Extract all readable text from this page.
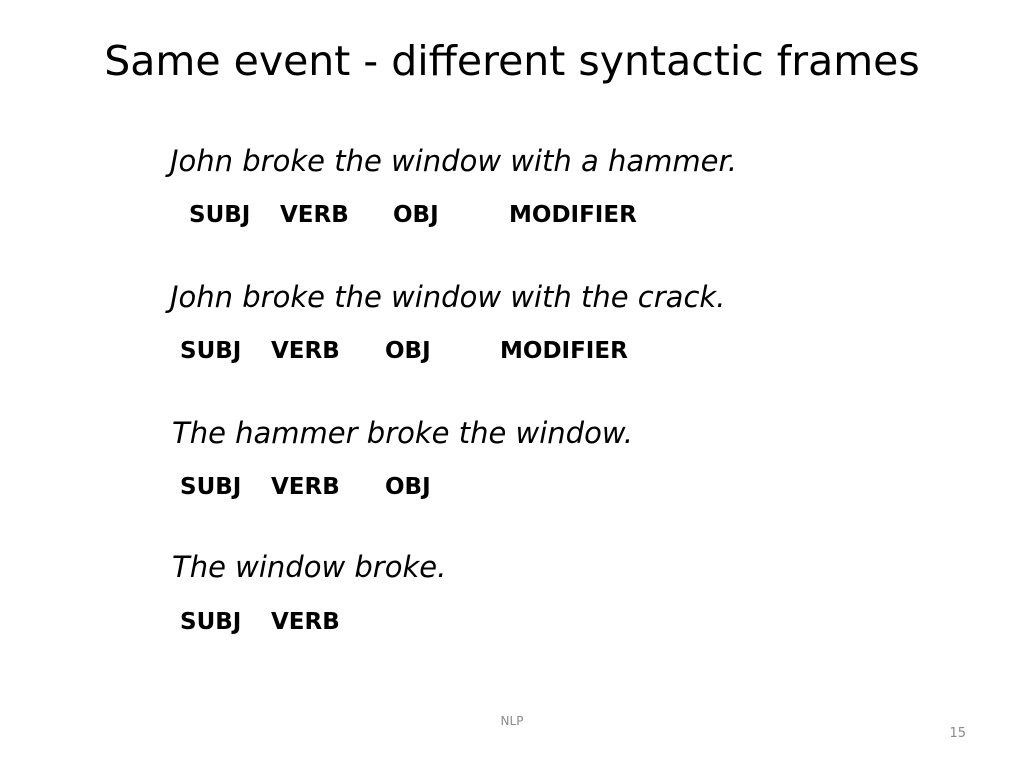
Same event - different syntactic frames
John broke the window with a hammer.
SUBJ VERB OBJ	MODIFIER
John broke the window with the crack.
SUBJ VERB OBJ	MODIFIER
The hammer broke the window.
SUBJ VERB OBJ
The window broke.
SUBJ VERB
NLP
15
